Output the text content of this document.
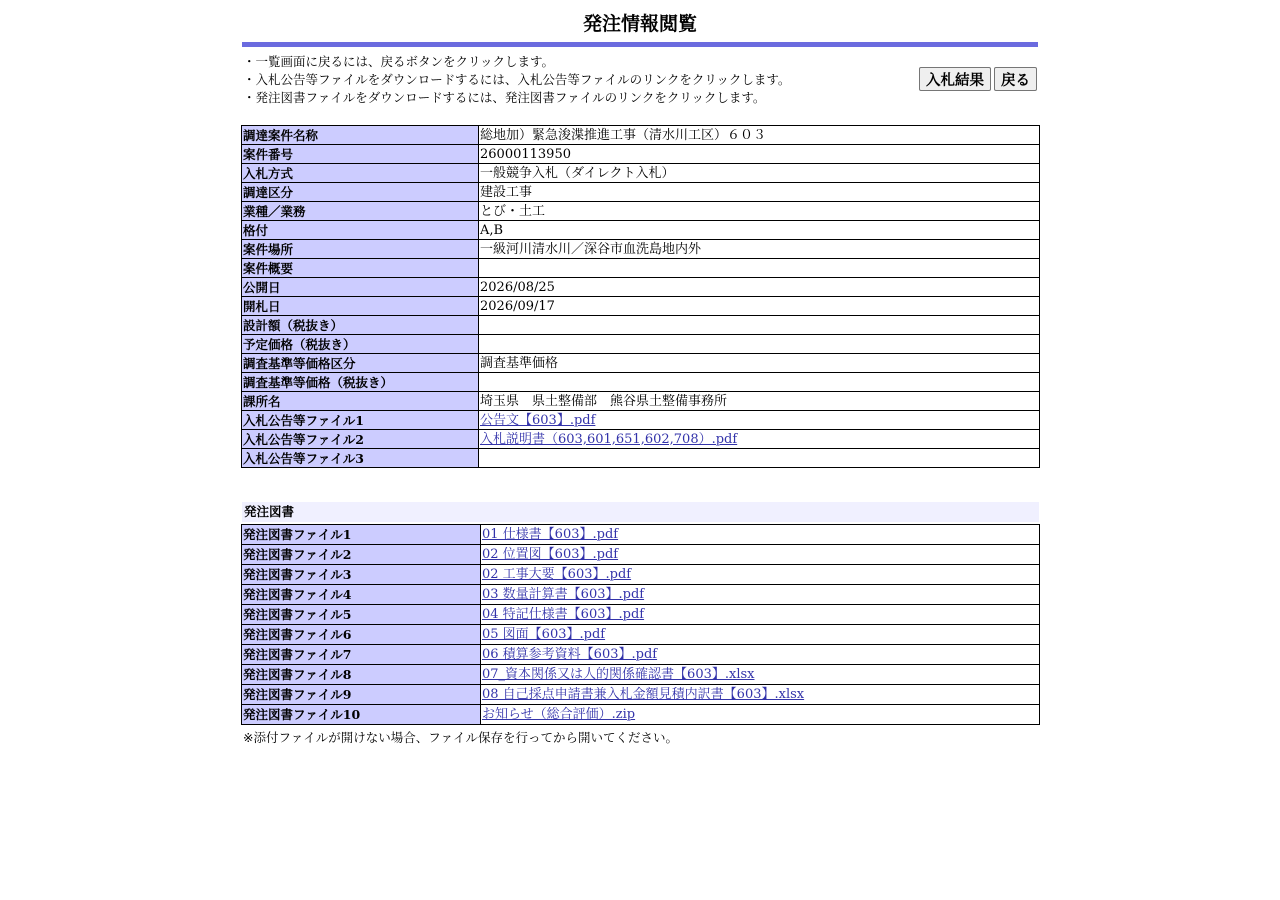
発注情報閲覧
・一覧画面に戻るには、戻るボタンをクリックします。
・入札公告等ファイルをダウンロードするには、入札公告等ファイルのリンクをクリックします。
・発注図書ファイルをダウンロードするには、発注図書ファイルのリンクをクリックします。
入札結果	戻る
調達案件名称	総地加）緊急浚渫推進工事（清水川工区）６０３
案件番号	26000113950
入札方式	一般競争入札（ダイレクト入札）
調達区分	建設工事
業種／業務	とび・土工
格付	A,B
案件場所	一級河川清水川／深谷市血洗島地内外
案件概要	
公開日	2026/08/25
開札日	2026/09/17
設計額（税抜き）	
予定価格（税抜き）	
調査基準等価格区分	調査基準価格
調査基準等価格（税抜き）	
課所名	埼玉県　県土整備部　熊谷県土整備事務所
入札公告等ファイル1	公告文【603】.pdf
入札公告等ファイル2	入札説明書（603,601,651,602,708）.pdf
入札公告等ファイル3	
発注図書
発注図書ファイル1	01 仕様書【603】.pdf
発注図書ファイル2	02 位置図【603】.pdf
発注図書ファイル3	02 工事大要【603】.pdf
発注図書ファイル4	03 数量計算書【603】.pdf
発注図書ファイル5	04 特記仕様書【603】.pdf
発注図書ファイル6	05 図面【603】.pdf
発注図書ファイル7	06 積算参考資料【603】.pdf
発注図書ファイル8	07_資本関係又は人的関係確認書【603】.xlsx
発注図書ファイル9	08 自己採点申請書兼入札金額見積内訳書【603】.xlsx
発注図書ファイル10	お知らせ（総合評価）.zip
※添付ファイルが開けない場合、ファイル保存を行ってから開いてください。
